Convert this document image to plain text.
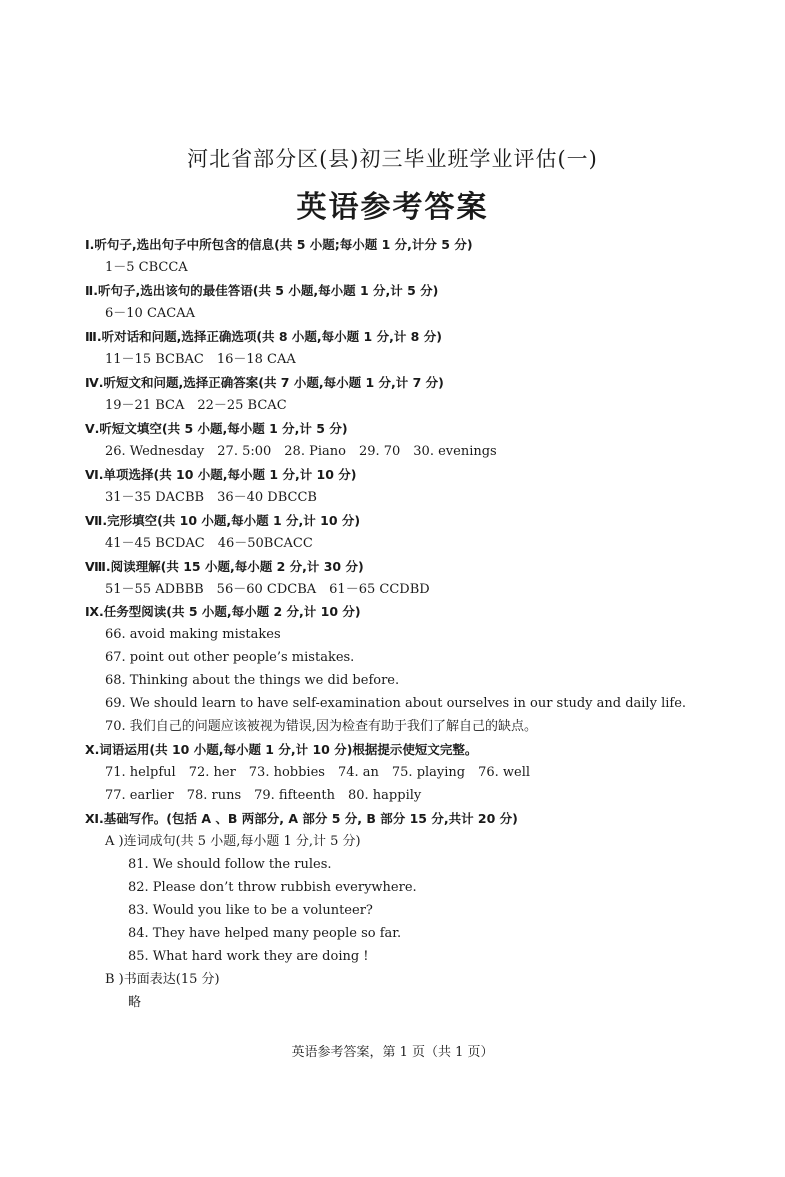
河北省部分区(县)初三毕业班学业评估(一)
英语参考答案
Ⅰ.听句子,选出句子中所包含的信息(共 5 小题;每小题 1 分,计分 5 分)
1－5 CBCCA
Ⅱ.听句子,选出该句的最佳答语(共 5 小题,每小题 1 分,计 5 分)
6－10 CACAA
Ⅲ.听对话和问题,选择正确选项(共 8 小题,每小题 1 分,计 8 分)
11－15 BCBAC　16－18 CAA
Ⅳ.听短文和问题,选择正确答案(共 7 小题,每小题 1 分,计 7 分)
19－21 BCA　22－25 BCAC
Ⅴ.听短文填空(共 5 小题,每小题 1 分,计 5 分)
26. Wednesday　27. 5:00　28. Piano　29. 70　30. evenings
Ⅵ.单项选择(共 10 小题,每小题 1 分,计 10 分)
31－35 DACBB　36－40 DBCCB
Ⅶ.完形填空(共 10 小题,每小题 1 分,计 10 分)
41－45 BCDAC　46－50BCACC
Ⅷ.阅读理解(共 15 小题,每小题 2 分,计 30 分)
51－55 ADBBB　56－60 CDCBA　61－65 CCDBD
Ⅸ.任务型阅读(共 5 小题,每小题 2 分,计 10 分)
66. avoid making mistakes
67. point out other people’s mistakes.
68. Thinking about the things we did before.
69. We should learn to have self-examination about ourselves in our study and daily life.
70. 我们自己的问题应该被视为错误,因为检查有助于我们了解自己的缺点。
Ⅹ.词语运用(共 10 小题,每小题 1 分,计 10 分)根据提示使短文完整。
71. helpful　72. her　73. hobbies　74. an　75. playing　76. well
77. earlier　78. runs　79. fifteenth　80. happily
Ⅺ.基础写作。(包括 A 、B 两部分, A 部分 5 分, B 部分 15 分,共计 20 分)
A )连词成句(共 5 小题,每小题 1 分,计 5 分)
81. We should follow the rules.
82. Please don’t throw rubbish everywhere.
83. Would you like to be a volunteer?
84. They have helped many people so far.
85. What hard work they are doing !
B )书面表达(15 分)
略
英语参考答案，第 1 页（共 1 页）
